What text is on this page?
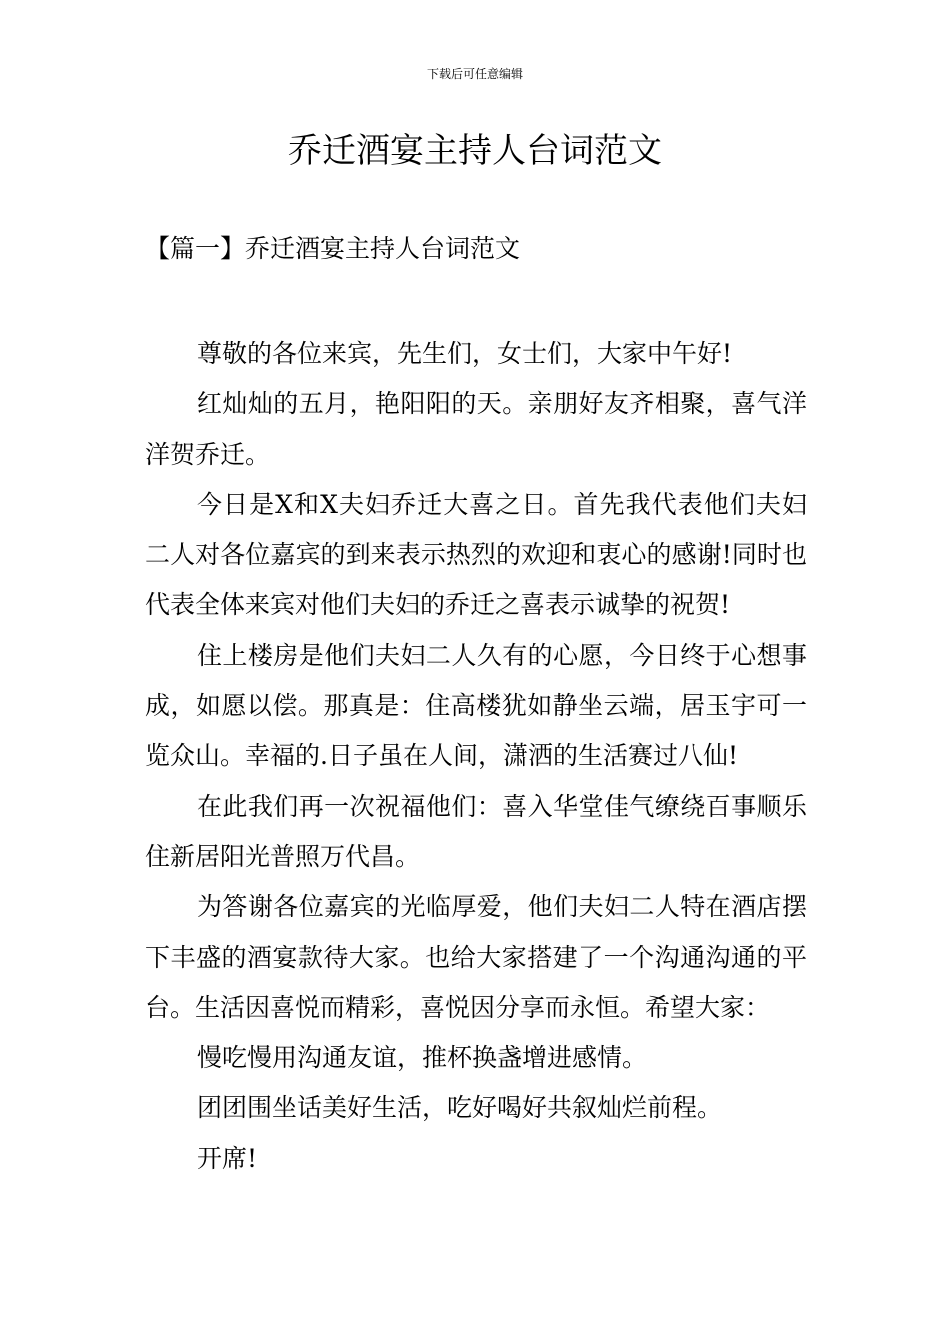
下载后可任意编辑
乔迁酒宴主持人台词范文
【篇一】乔迁酒宴主持人台词范文

尊敬的各位来宾，先生们，女士们，大家中午好!

红灿灿的五月，艳阳阳的天。亲朋好友齐相聚，喜气洋洋贺乔迁。

今日是X和X夫妇乔迁大喜之日。首先我代表他们夫妇二人对各位嘉宾的到来表示热烈的欢迎和衷心的感谢!同时也代表全体来宾对他们夫妇的乔迁之喜表示诚挚的祝贺!

住上楼房是他们夫妇二人久有的心愿，今日终于心想事成，如愿以偿。那真是：住高楼犹如静坐云端，居玉宇可一览众山。幸福的.日子虽在人间，潇洒的生活赛过八仙!

在此我们再一次祝福他们：喜入华堂佳气缭绕百事顺乐住新居阳光普照万代昌。

为答谢各位嘉宾的光临厚爱，他们夫妇二人特在酒店摆下丰盛的酒宴款待大家。也给大家搭建了一个沟通沟通的平台。生活因喜悦而精彩，喜悦因分享而永恒。希望大家：

慢吃慢用沟通友谊，推杯换盏增进感情。

团团围坐话美好生活，吃好喝好共叙灿烂前程。

开席!
